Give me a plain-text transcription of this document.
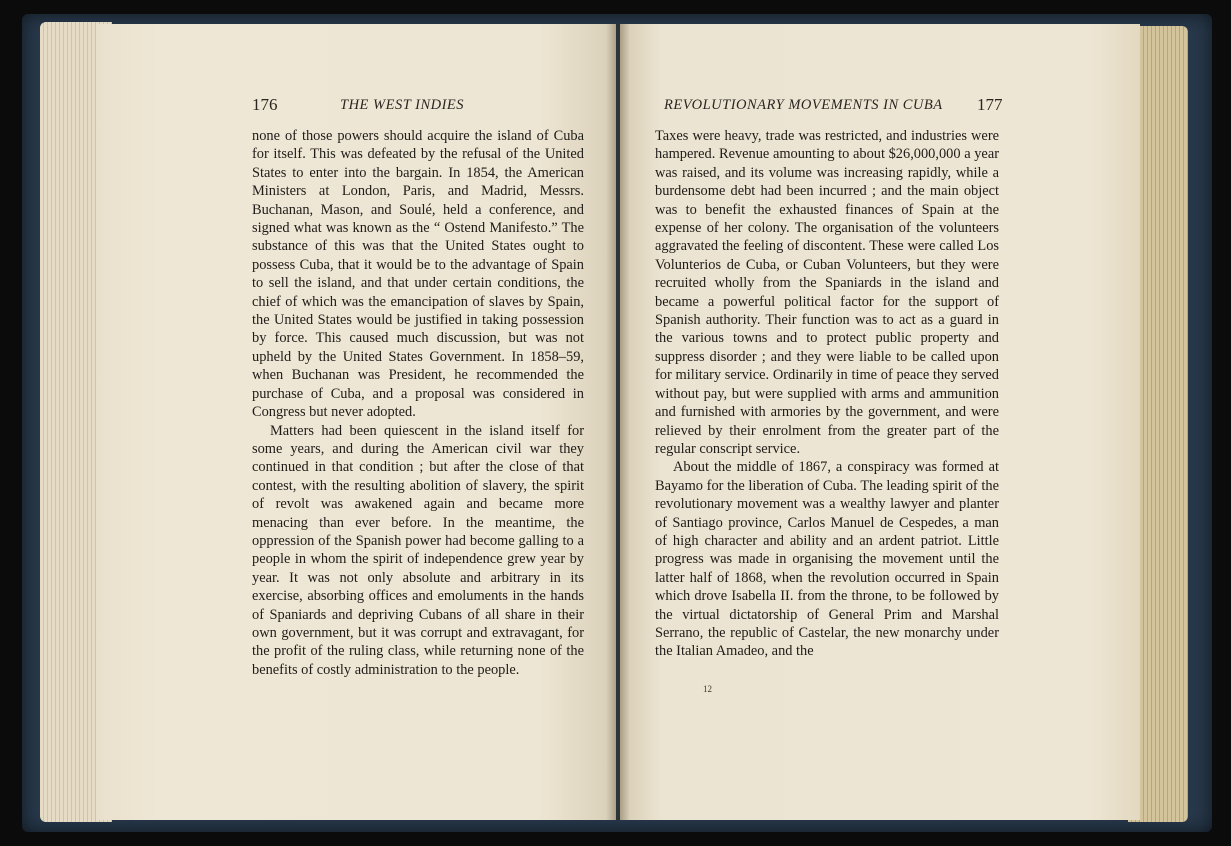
176	THE WEST INDIES

none of those powers should acquire the island of Cuba for itself. This was defeated by the refusal of the United States to enter into the bargain. In 1854, the American Ministers at London, Paris, and Madrid, Messrs. Buchanan, Mason, and Soulé, held a conference, and signed what was known as the “ Ostend Manifesto.” The substance of this was that the United States ought to possess Cuba, that it would be to the advantage of Spain to sell the island, and that under certain conditions, the chief of which was the emancipation of slaves by Spain, the United States would be justified in taking possession by force. This caused much discussion, but was not upheld by the United States Government. In 1858–59, when Buchanan was President, he recommended the purchase of Cuba, and a proposal was considered in Congress but never adopted.

Matters had been quiescent in the island itself for some years, and during the American civil war they continued in that condition ; but after the close of that contest, with the resulting abolition of slavery, the spirit of revolt was awakened again and became more menacing than ever before. In the meantime, the oppression of the Spanish power had become galling to a people in whom the spirit of independence grew year by year. It was not only absolute and arbitrary in its exercise, absorbing offices and emoluments in the hands of Spaniards and depriving Cubans of all share in their own government, but it was corrupt and extravagant, for the profit of the ruling class, while returning none of the benefits of costly administration to the people.

REVOLUTIONARY MOVEMENTS IN CUBA 177

Taxes were heavy, trade was restricted, and industries were hampered. Revenue amounting to about $26,000,000 a year was raised, and its volume was increasing rapidly, while a burdensome debt had been incurred ; and the main object was to benefit the exhausted finances of Spain at the expense of her colony. The organisation of the volunteers aggravated the feeling of discontent. These were called Los Volunterios de Cuba, or Cuban Volunteers, but they were recruited wholly from the Spaniards in the island and became a powerful political factor for the support of Spanish authority. Their function was to act as a guard in the various towns and to protect public property and suppress disorder ; and they were liable to be called upon for military service. Ordinarily in time of peace they served without pay, but were supplied with arms and ammunition and furnished with armories by the government, and were relieved by their enrolment from the greater part of the regular conscript service.

About the middle of 1867, a conspiracy was formed at Bayamo for the liberation of Cuba. The leading spirit of the revolutionary movement was a wealthy lawyer and planter of Santiago province, Carlos Manuel de Cespedes, a man of high character and ability and an ardent patriot. Little progress was made in organising the movement until the latter half of 1868, when the revolution occurred in Spain which drove Isabella II. from the throne, to be followed by the virtual dictatorship of General Prim and Marshal Serrano, the republic of Castelar, the new monarchy under the Italian Amadeo, and the

12
